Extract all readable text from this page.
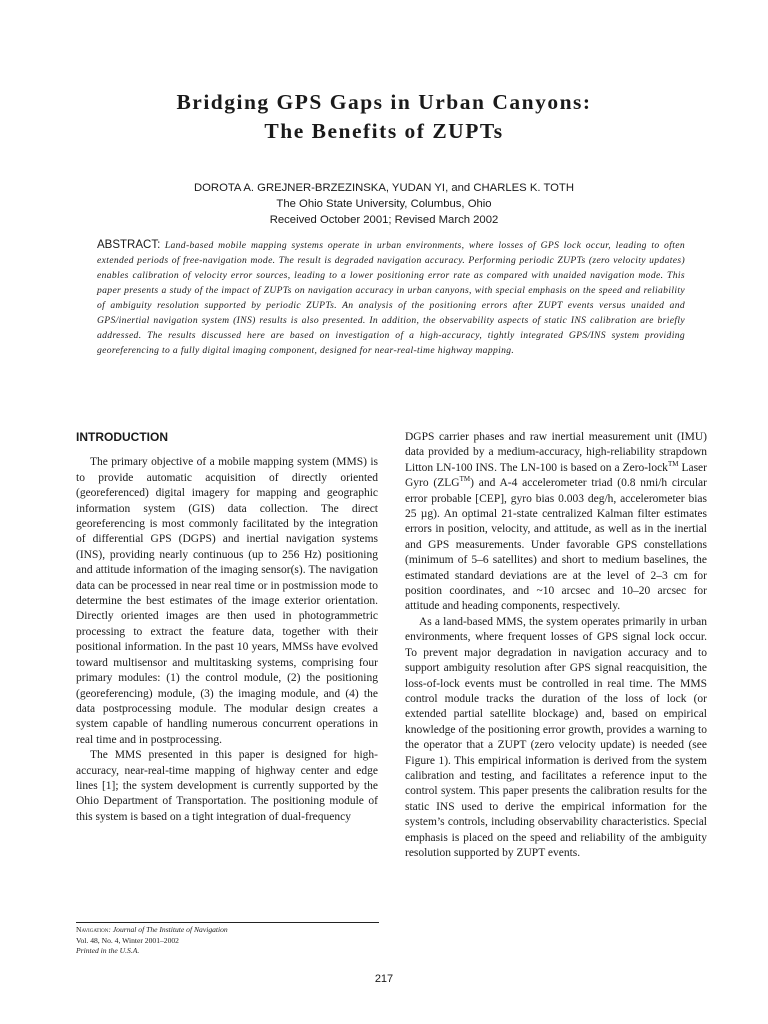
Bridging GPS Gaps in Urban Canyons:
The Benefits of ZUPTs
DOROTA A. GREJNER-BRZEZINSKA, YUDAN YI, and CHARLES K. TOTH
The Ohio State University, Columbus, Ohio
Received October 2001; Revised March 2002
ABSTRACT: Land-based mobile mapping systems operate in urban environments, where losses of GPS lock occur, leading to often extended periods of free-navigation mode. The result is degraded navigation accuracy. Performing periodic ZUPTs (zero velocity updates) enables calibration of velocity error sources, leading to a lower positioning error rate as compared with unaided navigation mode. This paper presents a study of the impact of ZUPTs on navigation accuracy in urban canyons, with special emphasis on the speed and reliability of ambiguity resolution supported by periodic ZUPTs. An analysis of the positioning errors after ZUPT events versus unaided and GPS/inertial navigation system (INS) results is also presented. In addition, the observability aspects of static INS calibration are briefly addressed. The results discussed here are based on investigation of a high-accuracy, tightly integrated GPS/INS system providing georeferencing to a fully digital imaging component, designed for near-real-time highway mapping.
INTRODUCTION

The primary objective of a mobile mapping system (MMS) is to provide automatic acquisition of directly oriented (georeferenced) digital imagery for mapping and geographic information system (GIS) data collection. The direct georeferencing is most commonly facilitated by the integration of differential GPS (DGPS) and inertial navigation systems (INS), providing nearly continuous (up to 256 Hz) positioning and attitude information of the imaging sensor(s). The navigation data can be processed in near real time or in postmission mode to determine the best estimates of the image exterior orientation. Directly oriented images are then used in photogrammetric processing to extract the feature data, together with their positional information. In the past 10 years, MMSs have evolved toward multisensor and multitasking systems, comprising four primary modules: (1) the control module, (2) the positioning (georeferencing) module, (3) the imaging module, and (4) the data postprocessing module. The modular design creates a system capable of handling numerous concurrent operations in real time and in postprocessing.

The MMS presented in this paper is designed for high-accuracy, near-real-time mapping of highway center and edge lines [1]; the system development is currently supported by the Ohio Department of Transportation. The positioning module of this system is based on a tight integration of dual-frequency

DGPS carrier phases and raw inertial measurement unit (IMU) data provided by a medium-accuracy, high-reliability strapdown Litton LN-100 INS. The LN-100 is based on a Zero-lock™ Laser Gyro (ZLG™) and A-4 accelerometer triad (0.8 nmi/h circular error probable [CEP], gyro bias 0.003 deg/h, accelerometer bias 25 µg). An optimal 21-state centralized Kalman filter estimates errors in position, velocity, and attitude, as well as in the inertial and GPS measurements. Under favorable GPS constellations (minimum of 5–6 satellites) and short to medium baselines, the estimated standard deviations are at the level of 2–3 cm for position coordinates, and ~10 arcsec and 10–20 arcsec for attitude and heading components, respectively.

As a land-based MMS, the system operates primarily in urban environments, where frequent losses of GPS signal lock occur. To prevent major degradation in navigation accuracy and to support ambiguity resolution after GPS signal reacquisition, the loss-of-lock events must be controlled in real time. The MMS control module tracks the duration of the loss of lock (or extended partial satellite blockage) and, based on empirical knowledge of the positioning error growth, provides a warning to the operator that a ZUPT (zero velocity update) is needed (see Figure 1). This empirical information is derived from the system calibration and testing, and facilitates a reference input to the control system. This paper presents the calibration results for the static INS used to derive the empirical information for the system’s controls, including observability characteristics. Special emphasis is placed on the speed and reliability of the ambiguity resolution supported by ZUPT events.

Navigation: Journal of The Institute of Navigation
Vol. 48, No. 4, Winter 2001–2002
Printed in the U.S.A.
217
